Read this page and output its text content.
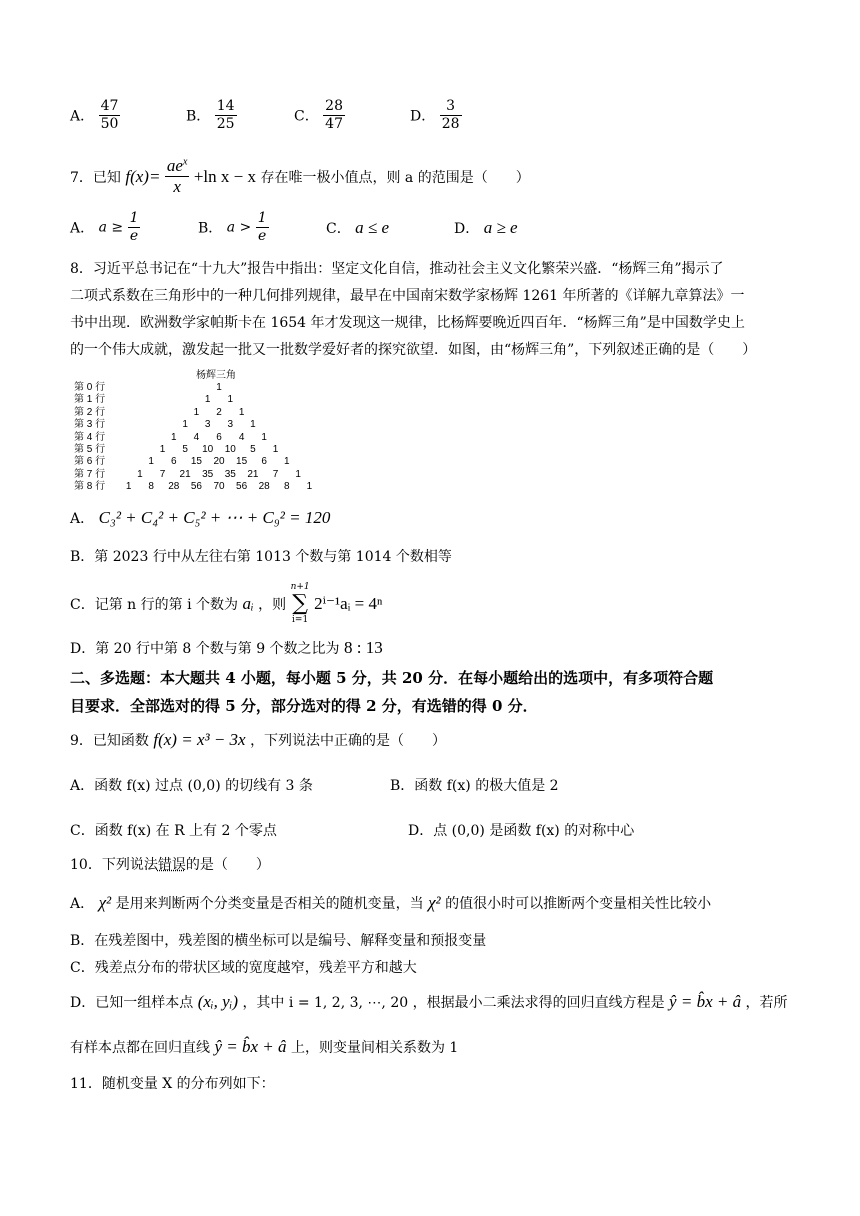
A． $\frac{47}{50}$	B． $\frac{14}{25}$	C． $\frac{28}{47}$	D． $\frac{3}{28}$
7．已知 $f(x)= \frac{ae^x}{x} +\ln$ x − x 存在唯一极小值点，则 a 的范围是（　　）
A． $a \ge \frac{1}{e}$	B． $a > \frac{1}{e}$	C． a ≤ e	D． a ≥ e
8．习近平总书记在“十九大”报告中指出：坚定文化自信，推动社会主义文化繁荣兴盛．“杨辉三角”揭示了
二项式系数在三角形中的一种几何排列规律，最早在中国南宋数学家杨辉 1261 年所著的《详解九章算法》一
书中出现．欧洲数学家帕斯卡在 1654 年才发现这一规律，比杨辉要晚近四百年．“杨辉三角”是中国数学史上
的一个伟大成就，激发起一批又一批数学爱好者的探究欲望．如图，由“杨辉三角”，下列叙述正确的是（　　）
杨辉三角
第 0 行	1
第 1 行	1 1
第 2 行	1 2 1
第 3 行	1 3 3 1
第 4 行	1 4 6 4 1
第 5 行	1 5 10 10 5 1
第 6 行	1 6 15 20 15 6 1
第 7 行	1 7 21 35 35 21 7 1
第 8 行 1 8 28 56 70 56 28 8 1
A． C₃² + C₄² + C₅² + ⋯ + C₉² = 120
B．第 2023 行中从左往右第 1013 个数与第 1014 个数相等
C．记第 n 行的第 i 个数为 aᵢ ，则 n+1
∑
i=1 2ⁱ⁻¹aᵢ = 4ⁿ
D．第 20 行中第 8 个数与第 9 个数之比为 8 : 13
二、多选题：本大题共 4 小题，每小题 5 分，共 20 分．在每小题给出的选项中，有多项符合题
目要求．全部选对的得 5 分，部分选对的得 2 分，有选错的得 0 分．
9．已知函数 f(x) = x³ − 3x ，下列说法中正确的是（　　）
A．函数 f(x) 过点 (0,0) 的切线有 3 条	B．函数 f(x) 的极大值是 2
C．函数 f(x) 在 R 上有 2 个零点	D．点 (0,0) 是函数 f(x) 的对称中心
10．下列说法错误的是（　　）
A． χ² 是用来判断两个分类变量是否相关的随机变量，当 χ² 的值很小时可以推断两个变量相关性比较小
B．在残差图中，残差图的横坐标可以是编号、解释变量和预报变量
C．残差点分布的带状区域的宽度越窄，残差平方和越大
D．已知一组样本点 (xᵢ, yᵢ) ，其中 i = 1, 2, 3, ⋯, 20 ，根据最小二乘法求得的回归直线方程是 ŷ = b̂x + â ，若所
有样本点都在回归直线 ŷ = b̂x + â 上，则变量间相关系数为 1
11．随机变量 X 的分布列如下：
